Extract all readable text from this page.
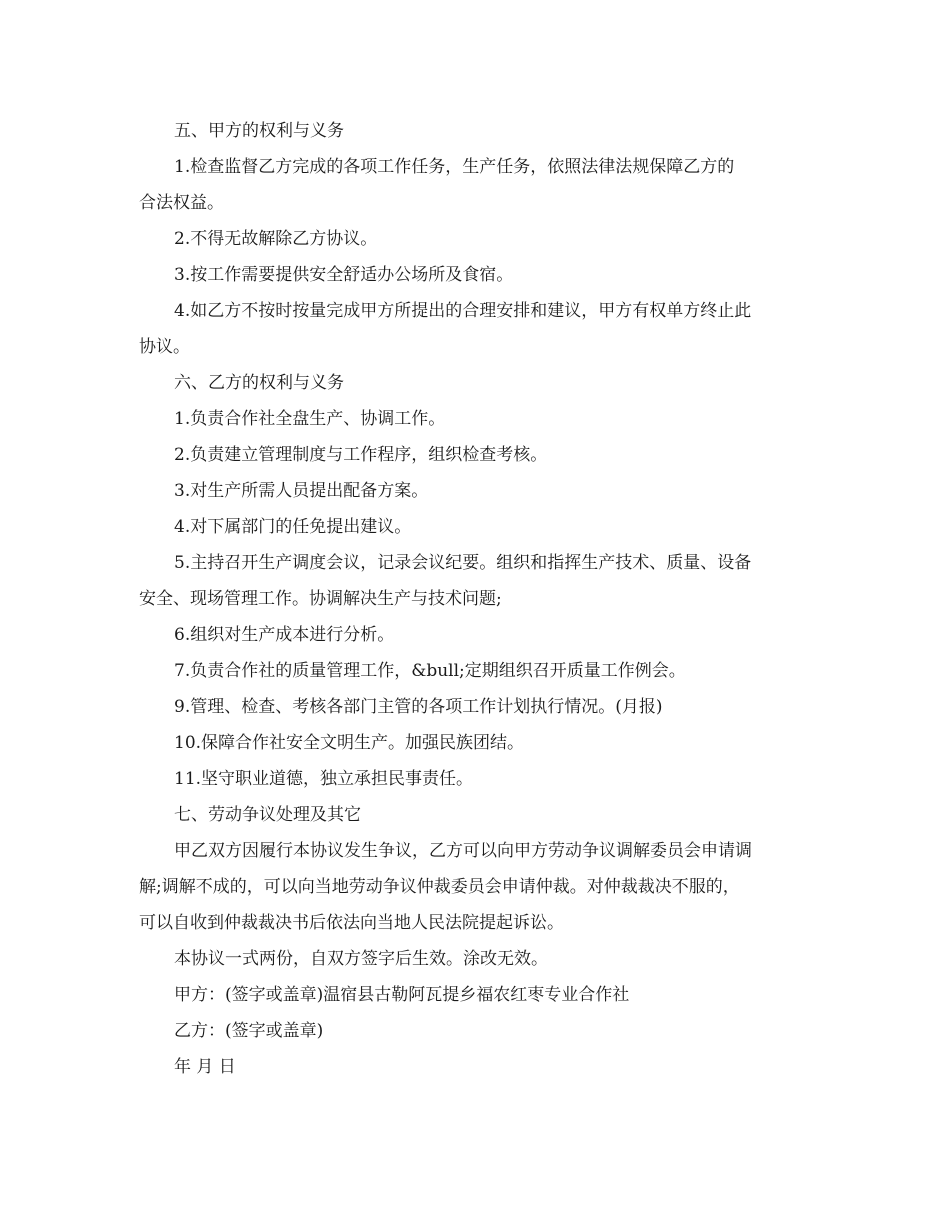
五、甲方的权利与义务
1.检查监督乙方完成的各项工作任务，生产任务，依照法律法规保障乙方的
合法权益。
2.不得无故解除乙方协议。
3.按工作需要提供安全舒适办公场所及食宿。
4.如乙方不按时按量完成甲方所提出的合理安排和建议，甲方有权单方终止此
协议。
六、乙方的权利与义务
1.负责合作社全盘生产、协调工作。
2.负责建立管理制度与工作程序，组织检查考核。
3.对生产所需人员提出配备方案。
4.对下属部门的任免提出建议。
5.主持召开生产调度会议，记录会议纪要。组织和指挥生产技术、质量、设备
安全、现场管理工作。协调解决生产与技术问题;
6.组织对生产成本进行分析。
7.负责合作社的质量管理工作，&bull;定期组织召开质量工作例会。
9.管理、检查、考核各部门主管的各项工作计划执行情况。(月报)
10.保障合作社安全文明生产。加强民族团结。
11.坚守职业道德，独立承担民事责任。
七、劳动争议处理及其它
甲乙双方因履行本协议发生争议，乙方可以向甲方劳动争议调解委员会申请调
解;调解不成的，可以向当地劳动争议仲裁委员会申请仲裁。对仲裁裁决不服的，
可以自收到仲裁裁决书后依法向当地人民法院提起诉讼。
本协议一式两份，自双方签字后生效。涂改无效。
甲方：(签字或盖章)温宿县古勒阿瓦提乡福农红枣专业合作社
乙方：(签字或盖章)
年 月 日
